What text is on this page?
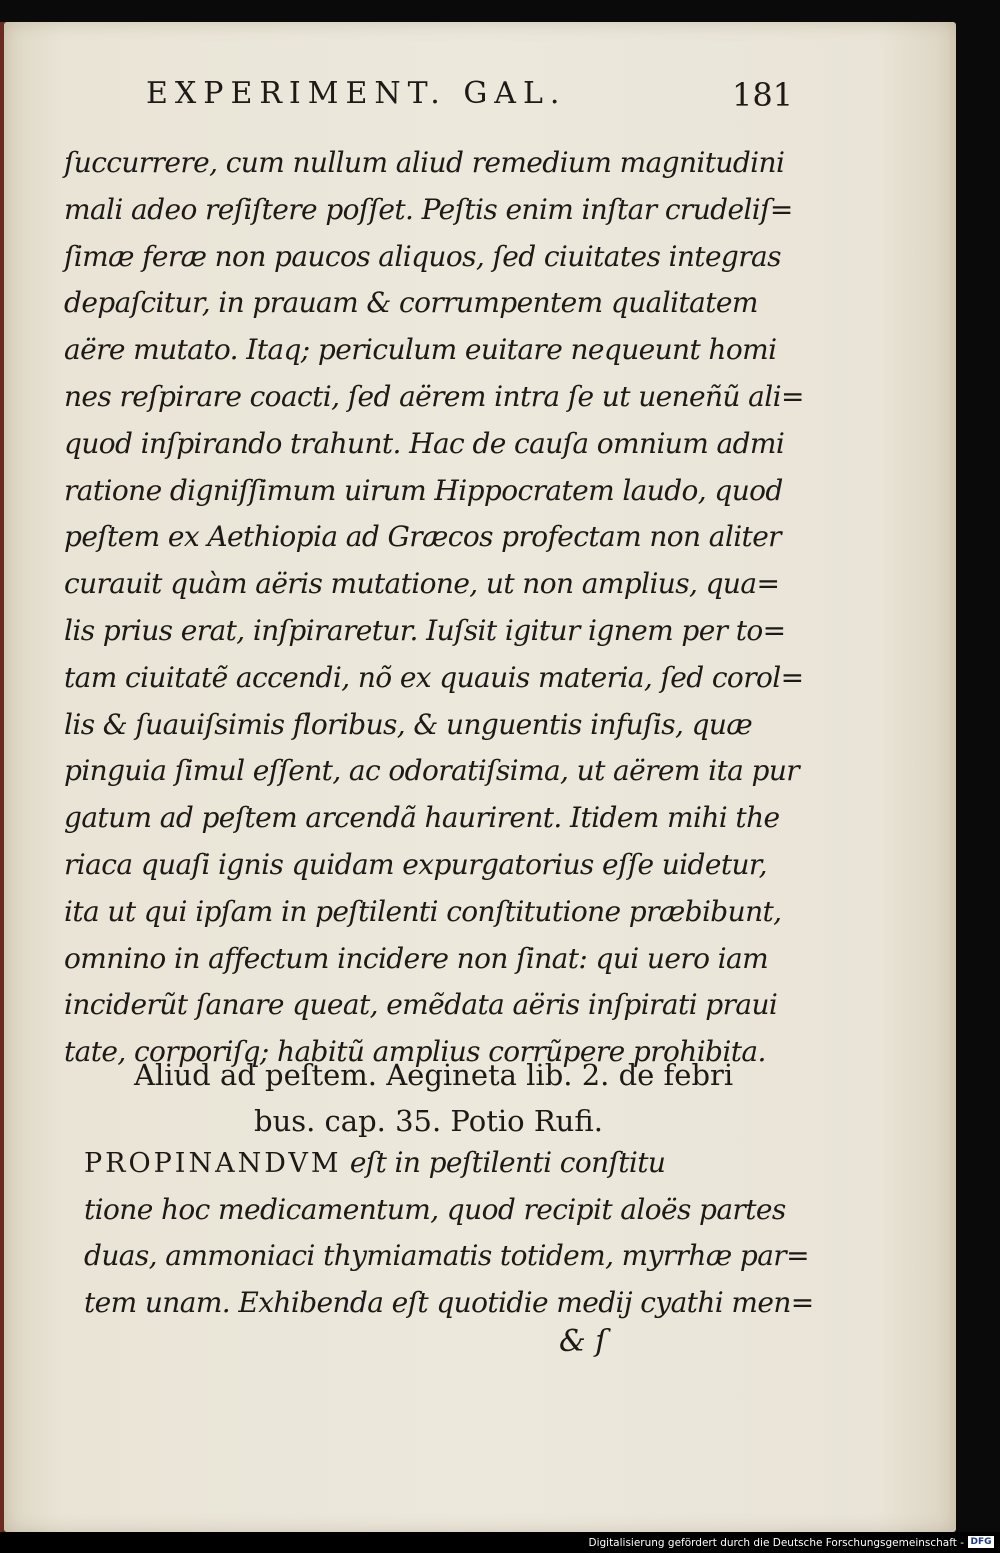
EXPERIMENT. GAL.	181
ſuccurrere, cum nullum aliud remedium magnitudini
mali adeo reſiſtere poſſet. Peſtis enim inſtar crudeliſ=
ſimæ feræ non paucos aliquos, ſed ciuitates integras
depaſcitur, in prauam & corrumpentem qualitatem
aëre mutato. Itaq; periculum euitare nequeunt homi
nes reſpirare coacti, ſed aërem intra ſe ut ueneñũ ali=
quod inſpirando trahunt. Hac de cauſa omnium admi
ratione digniſſimum uirum Hippocratem laudo, quod
peſtem ex Aethiopia ad Græcos profectam non aliter
curauit quàm aëris mutatione, ut non amplius, qua=
lis prius erat, inſpiraretur. Iuſsit igitur ignem per to=
tam ciuitatẽ accendi, nõ ex quauis materia, ſed corol=
lis & ſuauiſsimis floribus, & unguentis infuſis, quæ
pinguia ſimul eſſent, ac odoratiſsima, ut aërem ita pur
gatum ad peſtem arcendã haurirent. Itidem mihi the
riaca quaſi ignis quidam expurgatorius eſſe uidetur,
ita ut qui ipſam in peſtilenti conſtitutione præbibunt,
omnino in affectum incidere non ſinat: qui uero iam
inciderũt ſanare queat, emẽdata aëris inſpirati praui
tate, corporiſq; habitũ amplius corrũpere prohibita.
Aliud ad peſtem. Aegineta lib. 2. de febri
bus. cap. 35. Potio Rufi.
PROPINANDVM eſt in peſtilenti conſtitu
tione hoc medicamentum, quod recipit aloës partes
duas, ammoniaci thymiamatis totidem, myrrhæ par=
tem unam. Exhibenda eſt quotidie medij cyathi men=
& ſ
Digitalisierung gefördert durch die Deutsche Forschungsgemeinschaft - DFG
